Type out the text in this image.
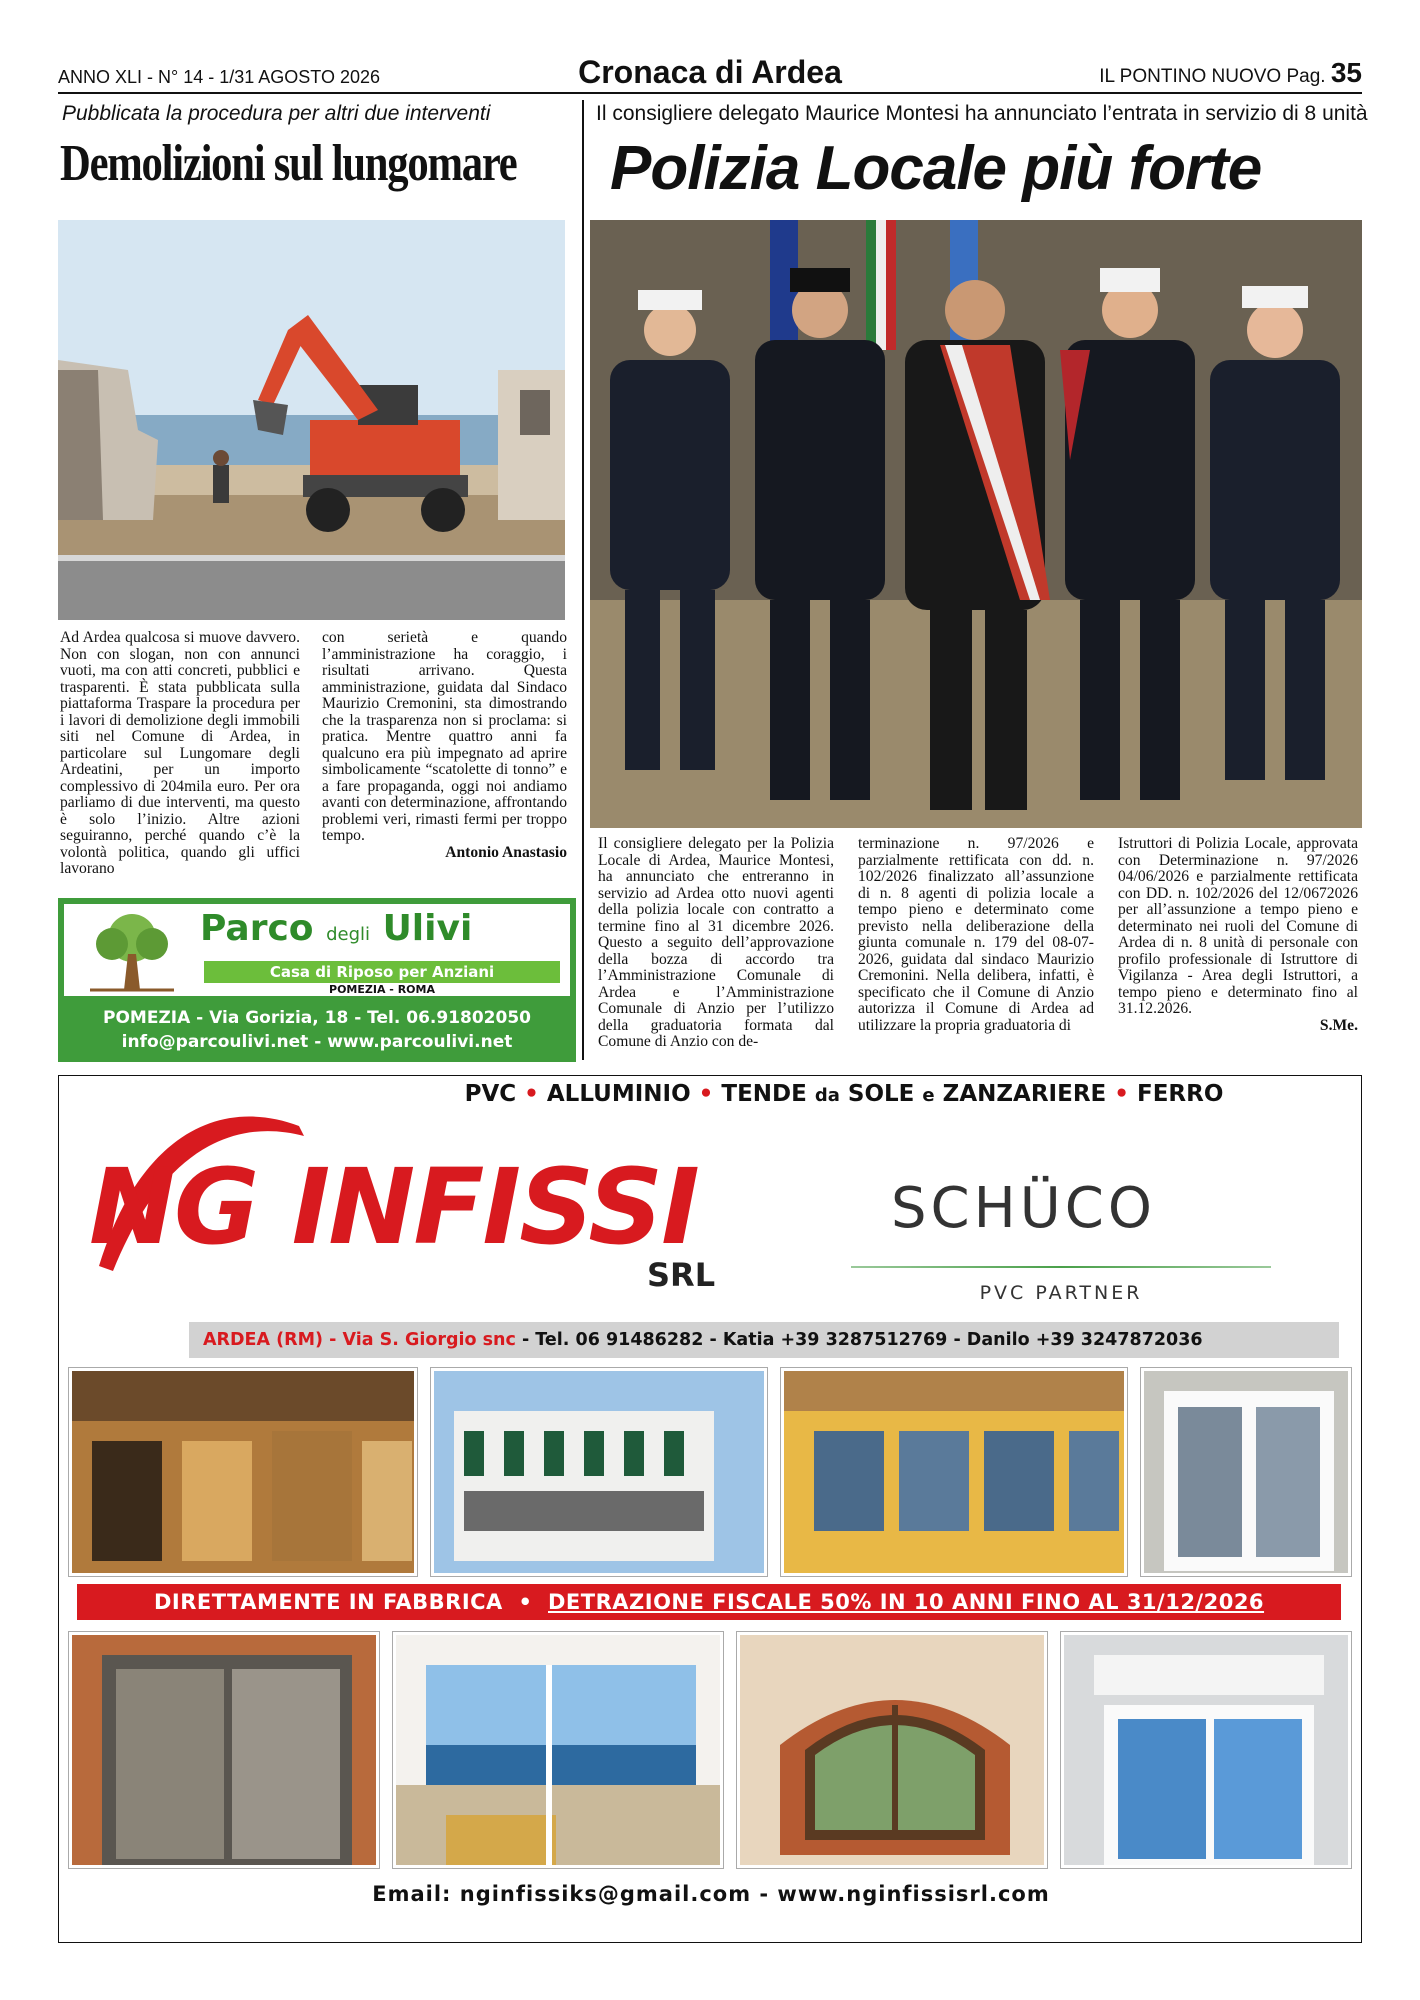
ANNO XLI - N° 14 - 1/31 AGOSTO 2026	Cronaca di Ardea	IL PONTINO NUOVO Pag. 35
Pubblicata la procedura per altri due interventi
Demolizioni sul lungomare
Ad Ardea qualcosa si muove davvero. Non con slogan, non con annunci vuoti, ma con atti concreti, pubblici e trasparenti. È stata pubblicata sulla piattaforma Traspare la procedura per i lavori di demolizione degli immobili siti nel Comune di Ardea, in particolare sul Lungomare degli Ardeatini, per un importo complessivo di 204mila euro. Per ora parliamo di due interventi, ma questo è solo l’inizio. Altre azioni seguiranno, perché quando c’è la volontà politica, quando gli uffici lavorano
con serietà e quando l’amministrazione ha coraggio, i risultati arrivano. Questa amministrazione, guidata dal Sindaco Maurizio Cremonini, sta dimostrando che la trasparenza non si proclama: si pratica. Mentre quattro anni fa qualcuno era più impegnato ad aprire simbolicamente “scatolette di tonno” e a fare propaganda, oggi noi andiamo avanti con determinazione, affrontando problemi veri, rimasti fermi per troppo tempo.
Antonio Anastasio
Parco degli Ulivi
Casa di Riposo per Anziani
POMEZIA - ROMA
POMEZIA - Via Gorizia, 18 - Tel. 06.91802050
info@parcoulivi.net - www.parcoulivi.net
Il consigliere delegato Maurice Montesi ha annunciato l’entrata in servizio di 8 unità
Polizia Locale più forte
Il consigliere delegato per la Polizia Locale di Ardea, Maurice Montesi, ha annunciato che entreranno in servizio ad Ardea otto nuovi agenti della polizia locale con contratto a termine fino al 31 dicembre 2026. Questo a seguito dell’approvazione della bozza di accordo tra l’Amministrazione Comunale di Ardea e l’Amministrazione Comunale di Anzio per l’utilizzo della graduatoria formata dal Comune di Anzio con de-
terminazione n. 97/2026 e parzialmente rettificata con dd. n. 102/2026 finalizzato all’assunzione di n. 8 agenti di polizia locale a tempo pieno e determinato come previsto nella deliberazione della giunta comunale n. 179 del 08-07-2026, guidata dal sindaco Maurizio Cremonini. Nella delibera, infatti, è specificato che il Comune di Anzio autorizza il Comune di Ardea ad utilizzare la propria graduatoria di
Istruttori di Polizia Locale, approvata con Determinazione n. 97/2026 04/06/2026 e parzialmente rettificata con DD. n. 102/2026 del 12/0672026 per all’assunzione a tempo pieno e determinato nei ruoli del Comune di Ardea di n. 8 unità di personale con profilo professionale di Istruttore di Vigilanza - Area degli Istruttori, a tempo pieno e determinato fino al 31.12.2026.
S.Me.
PVC • ALLUMINIO • TENDE da SOLE e ZANZARIERE • FERRO
NG INFISSI
SRL
SCHÜCO
PVC PARTNER
ARDEA (RM) - Via S. Giorgio snc - Tel. 06 91486282 - Katia +39 3287512769 - Danilo +39 3247872036
DIRETTAMENTE IN FABBRICA  •  DETRAZIONE FISCALE 50% IN 10 ANNI FINO AL 31/12/2026
Email: nginfissiks@gmail.com - www.nginfissisrl.com
